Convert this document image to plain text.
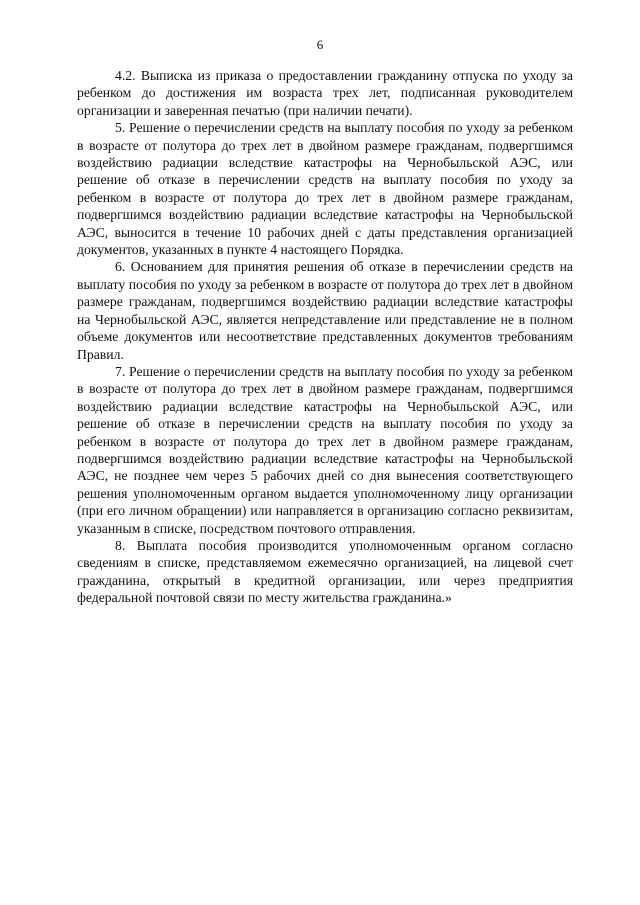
6

4.2. Выписка из приказа о предоставлении гражданину отпуска по уходу за ребенком до достижения им возраста трех лет, подписанная руководителем организации и заверенная печатью (при наличии печати).

5. Решение о перечислении средств на выплату пособия по уходу за ребенком в возрасте от полутора до трех лет в двойном размере гражданам, подвергшимся воздействию радиации вследствие катастрофы на Чернобыльской АЭС, или решение об отказе в перечислении средств на выплату пособия по уходу за ребенком в возрасте от полутора до трех лет в двойном размере гражданам, подвергшимся воздействию радиации вследствие катастрофы на Чернобыльской АЭС, выносится в течение 10 рабочих дней с даты представления организацией документов, указанных в пункте 4 настоящего Порядка.

6. Основанием для принятия решения об отказе в перечислении средств на выплату пособия по уходу за ребенком в возрасте от полутора до трех лет в двойном размере гражданам, подвергшимся воздействию радиации вследствие катастрофы на Чернобыльской АЭС, является непредставление или представление не в полном объеме документов или несоответствие представленных документов требованиям Правил.

7. Решение о перечислении средств на выплату пособия по уходу за ребенком в возрасте от полутора до трех лет в двойном размере гражданам, подвергшимся воздействию радиации вследствие катастрофы на Чернобыльской АЭС, или решение об отказе в перечислении средств на выплату пособия по уходу за ребенком в возрасте от полутора до трех лет в двойном размере гражданам, подвергшимся воздействию радиации вследствие катастрофы на Чернобыльской АЭС, не позднее чем через 5 рабочих дней со дня вынесения соответствующего решения уполномоченным органом выдается уполномоченному лицу организации (при его личном обращении) или направляется в организацию согласно реквизитам, указанным в списке, посредством почтового отправления.

8. Выплата пособия производится уполномоченным органом согласно сведениям в списке, представляемом ежемесячно организацией, на лицевой счет гражданина, открытый в кредитной организации, или через предприятия федеральной почтовой связи по месту жительства гражданина.»
